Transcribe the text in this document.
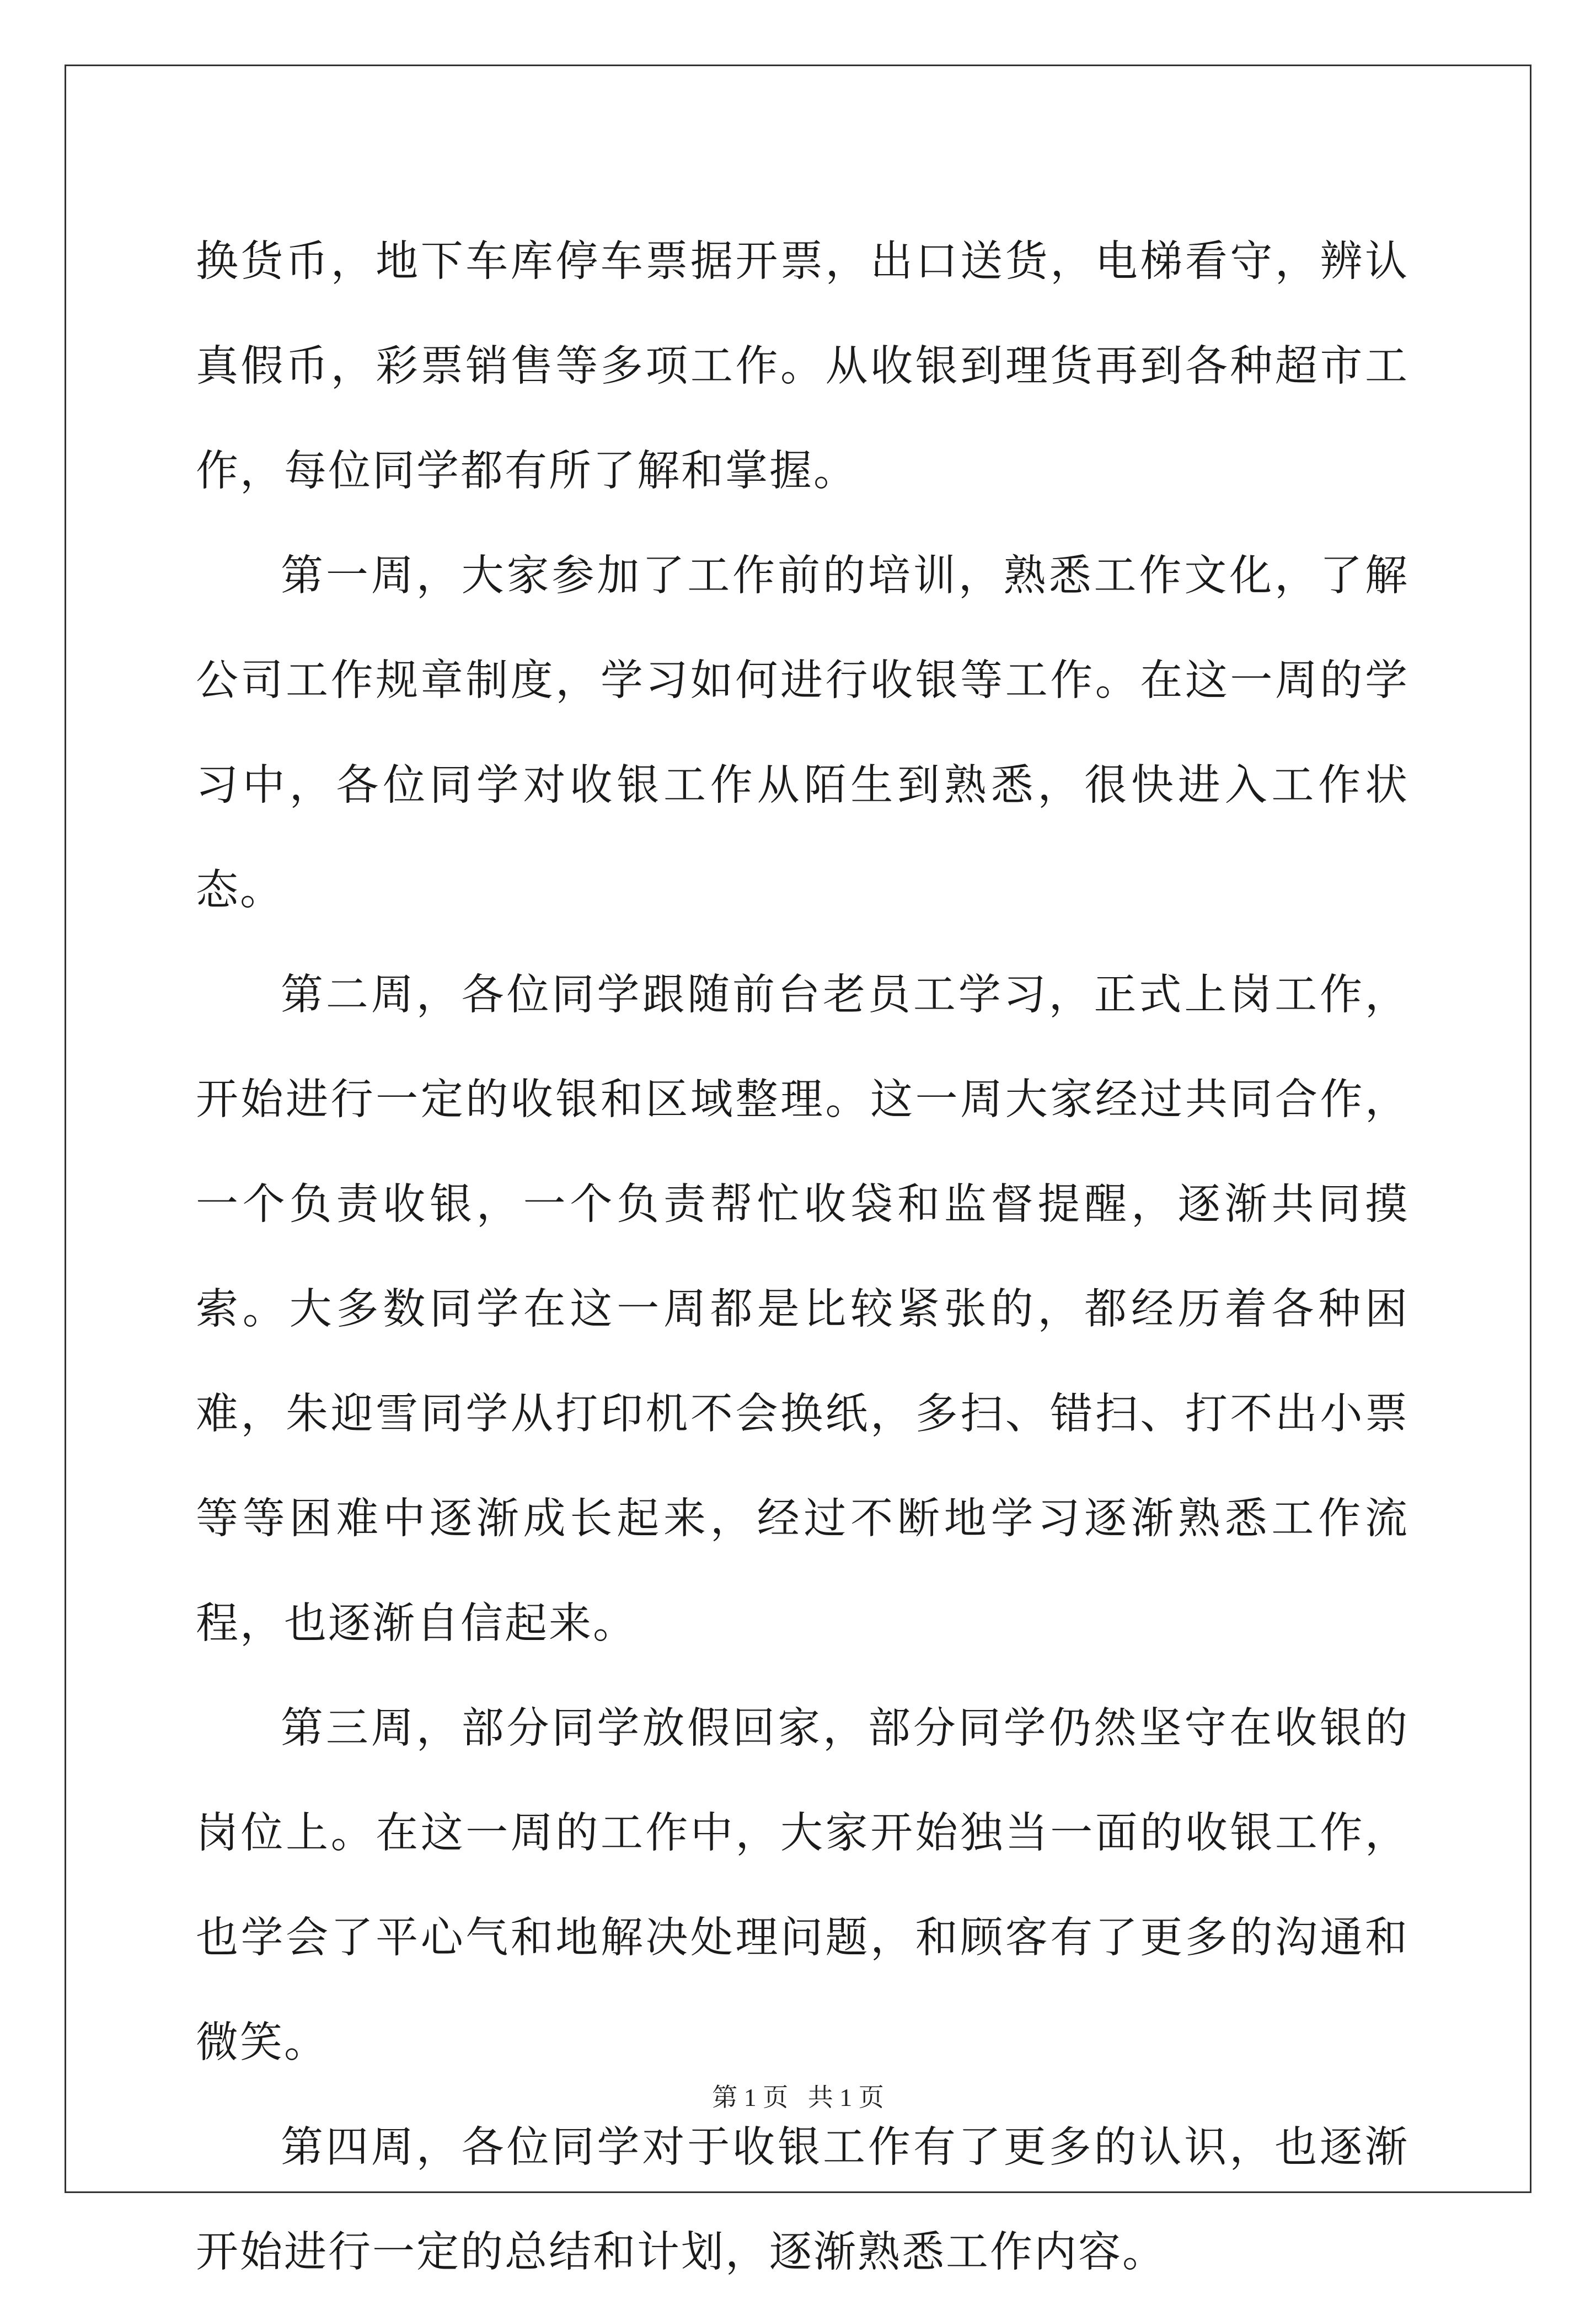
换货币，地下车库停车票据开票，出口送货，电梯看守，辨认真假币，彩票销售等多项工作。从收银到理货再到各种超市工作，每位同学都有所了解和掌握。

第一周，大家参加了工作前的培训，熟悉工作文化，了解公司工作规章制度，学习如何进行收银等工作。在这一周的学习中，各位同学对收银工作从陌生到熟悉，很快进入工作状态。

第二周，各位同学跟随前台老员工学习，正式上岗工作，开始进行一定的收银和区域整理。这一周大家经过共同合作，一个负责收银，一个负责帮忙收袋和监督提醒，逐渐共同摸索。大多数同学在这一周都是比较紧张的，都经历着各种困难，朱迎雪同学从打印机不会换纸，多扫、错扫、打不出小票等等困难中逐渐成长起来，经过不断地学习逐渐熟悉工作流程，也逐渐自信起来。

第三周，部分同学放假回家，部分同学仍然坚守在收银的岗位上。在这一周的工作中，大家开始独当一面的收银工作，也学会了平心气和地解决处理问题，和顾客有了更多的沟通和微笑。

第四周，各位同学对于收银工作有了更多的认识，也逐渐开始进行一定的总结和计划，逐渐熟悉工作内容。

第 1 页 共 1 页
